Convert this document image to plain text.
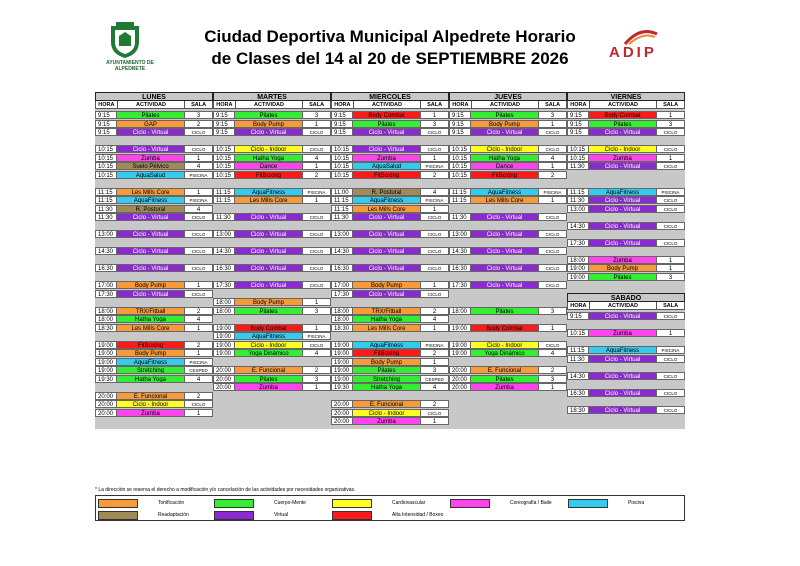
AYUNTAMIENTO DE ALPEDRETE
Ciudad Deportiva Municipal Alpedrete Horario
de Clases del 14 al 20 de SEPTIEMBRE 2026	ADIP
LUNES
HORA	ACTIVIDAD	SALA
9:15	Pilates	3
9:15	GAP	2
9:15	Ciclo - Virtual	CICLO
10:15	Ciclo - Virtual	CICLO
10:15	Zumba	1
10:15	Suelo Pélvico	4
10:15	AquaSalud	PISCINA
11:15	Les Mills Core	1
11:15	AquaFitness	PISCINA
11:30	R. Postural	4
11:30	Ciclo - Virtual	CICLO
13:00	Ciclo - Virtual	CICLO
14:30	Ciclo - Virtual	CICLO
16:30	Ciclo - Virtual	CICLO
17:00	Body Pump	1
17:30	Ciclo - Virtual	CICLO
18:00	TRX/Fitball	2
18:00	Hatha Yoga	4
18:30	Les Mills Core	1
19:00	FitBoxing	2
19:00	Body Pump	1
19:00	AquaFitness	PISCINA
19:00	Stretching	CESPED
19:30	Hatha Yoga	4
20:00	E. Funcional	2
20:00	Ciclo - Indoor	CICLO
20:00	Zumba	1
MARTES
HORA	ACTIVIDAD	SALA
9:15	Pilates	3
9:15	Body Pump	1
9:15	Ciclo - Virtual	CICLO
10:15	Ciclo - Indoor	CICLO
10:15	Hatha Yoga	4
10:15	Dance	1
10:15	FitBoxing	2
11:15	AquaFitness	PISCINA
11:15	Les Mills Core	1
11:30	Ciclo - Virtual	CICLO
13:00	Ciclo - Virtual	CICLO
14:30	Ciclo - Virtual	CICLO
16:30	Ciclo - Virtual	CICLO
17:30	Ciclo - Virtual	CICLO
18:00	Body Pump	1
18:00	Pilates	3
19:00	Body Combat	1
19:00	AquaFitness	PISCINA
19:00	Ciclo - Indoor	CICLO
19:00	Yoga Dinámico	4
20:00	E. Funcional	2
20:00	Pilates	3
20:00	Zumba	1
MIERCOLES
HORA	ACTIVIDAD	SALA
9:15	Body Combat	1
9:15	Pilates	3
9:15	Ciclo - Virtual	CICLO
10:15	Ciclo - Virtual	CICLO
10:15	Zumba	1
10:15	AquaSalud	PISCINA
10:15	FitBoxing	2
11:00	R. Postural	4
11:15	AquaFitness	PISCINA
11:15	Les Mills Core	1
11:30	Ciclo - Virtual	CICLO
13:00	Ciclo - Virtual	CICLO
14:30	Ciclo - Virtual	CICLO
16:30	Ciclo - Virtual	CICLO
17:00	Body Pump	1
17:30	Ciclo - Virtual	CICLO
18:00	TRX/Fitball	2
18:00	Hatha Yoga	4
18:30	Les Mills Core	1
19:00	AquaFitness	PISCINA
19:00	FitBoxing	2
19:00	Body Pump	1
19:00	Pilates	3
19:00	Stretching	CESPED
19:30	Hatha Yoga	4
20:00	E. Funcional	2
20:00	Ciclo - Indoor	CICLO
20:00	Zumba	1
JUEVES
HORA	ACTIVIDAD	SALA
9:15	Pilates	3
9:15	Body Pump	1
9:15	Ciclo - Virtual	CICLO
10:15	Ciclo - Indoor	CICLO
10:15	Hatha Yoga	4
10:15	Dance	1
10:15	FitBoxing	2
11:15	AquaFitness	PISCINA
11:15	Les Mills Core	1
11:30	Ciclo - Virtual	CICLO
13:00	Ciclo - Virtual	CICLO
14:30	Ciclo - Virtual	CICLO
16:30	Ciclo - Virtual	CICLO
17:30	Ciclo - Virtual	CICLO
18:00	Pilates	3
19:00	Body Combat	1
19:00	Ciclo - Indoor	CICLO
19:00	Yoga Dinámico	4
20:00	E. Funcional	2
20:00	Pilates	3
20:00	Zumba	1
VIERNES
HORA	ACTIVIDAD	SALA
9:15	Body Combat	1
9:15	Pilates	3
9:15	Ciclo - Virtual	CICLO
10:15	Ciclo - Indoor	CICLO
10:15	Zumba	1
11:30	Ciclo - Virtual	CICLO
11:15	AquaFitness	PISCINA
11:30	Ciclo - Virtual	CICLO
13:00	Ciclo - Virtual	CICLO
14:30	Ciclo - Virtual	CICLO
17:30	Ciclo - Virtual	CICLO
18:00	Zumba	1
19:00	Body Pump	1
19:00	Pilates	3
SABADO
HORA	ACTIVIDAD	SALA
9:15	Ciclo - Virtual	CICLO
10:15	Zumba	1
11:15	AquaFitness	PISCINA
11:30	Ciclo - Virtual	CICLO
14:30	Ciclo - Virtual	CICLO
16:30	Ciclo - Virtual	CICLO
18:30	Ciclo - Virtual	CICLO
* La dirección se reserva el derecho a modificación y/o cancelación de las actividades por necesidades organizativas.
Tonificación	Cuerpo-Mente	Cardiovascular	Coreografía / Baile	Piscina
Readaptación	Virtual	Alta Intensidad / Boxeo
